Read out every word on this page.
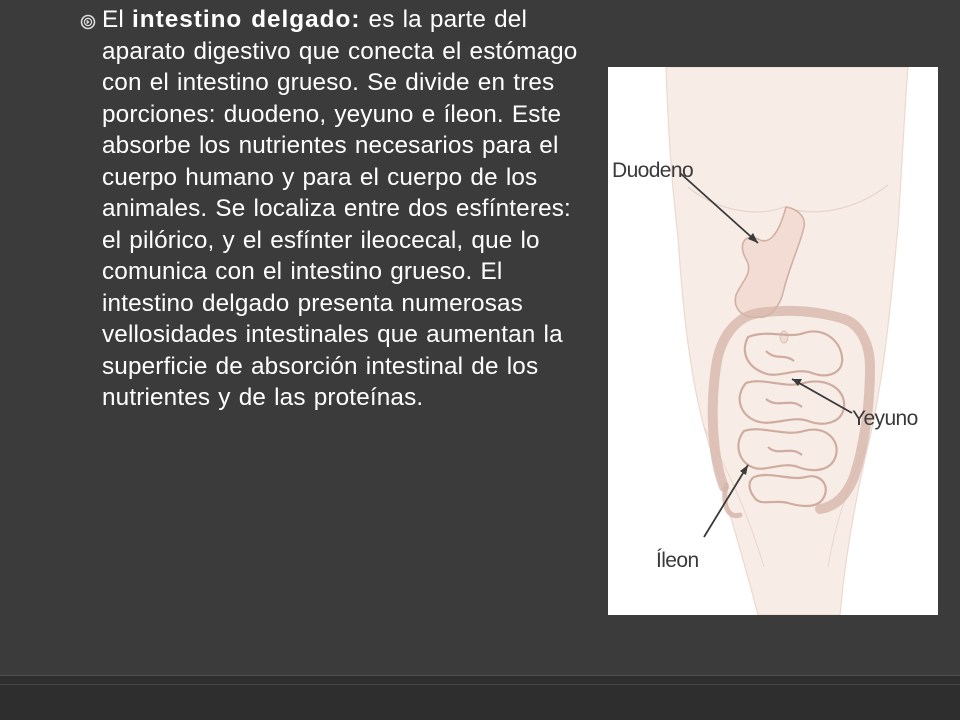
El intestino delgado: es la parte del aparato digestivo que conecta el estómago con el intestino grueso. Se divide en tres porciones: duodeno, yeyuno e íleon. Este absorbe los nutrientes necesarios para el cuerpo humano y para el cuerpo de los animales. Se localiza entre dos esfínteres: el pilórico, y el esfínter ileocecal, que lo comunica con el intestino grueso. El intestino delgado presenta numerosas vellosidades intestinales que aumentan la superficie de absorción intestinal de los nutrientes y de las proteínas.

Duodeno
Yeyuno
Íleon
